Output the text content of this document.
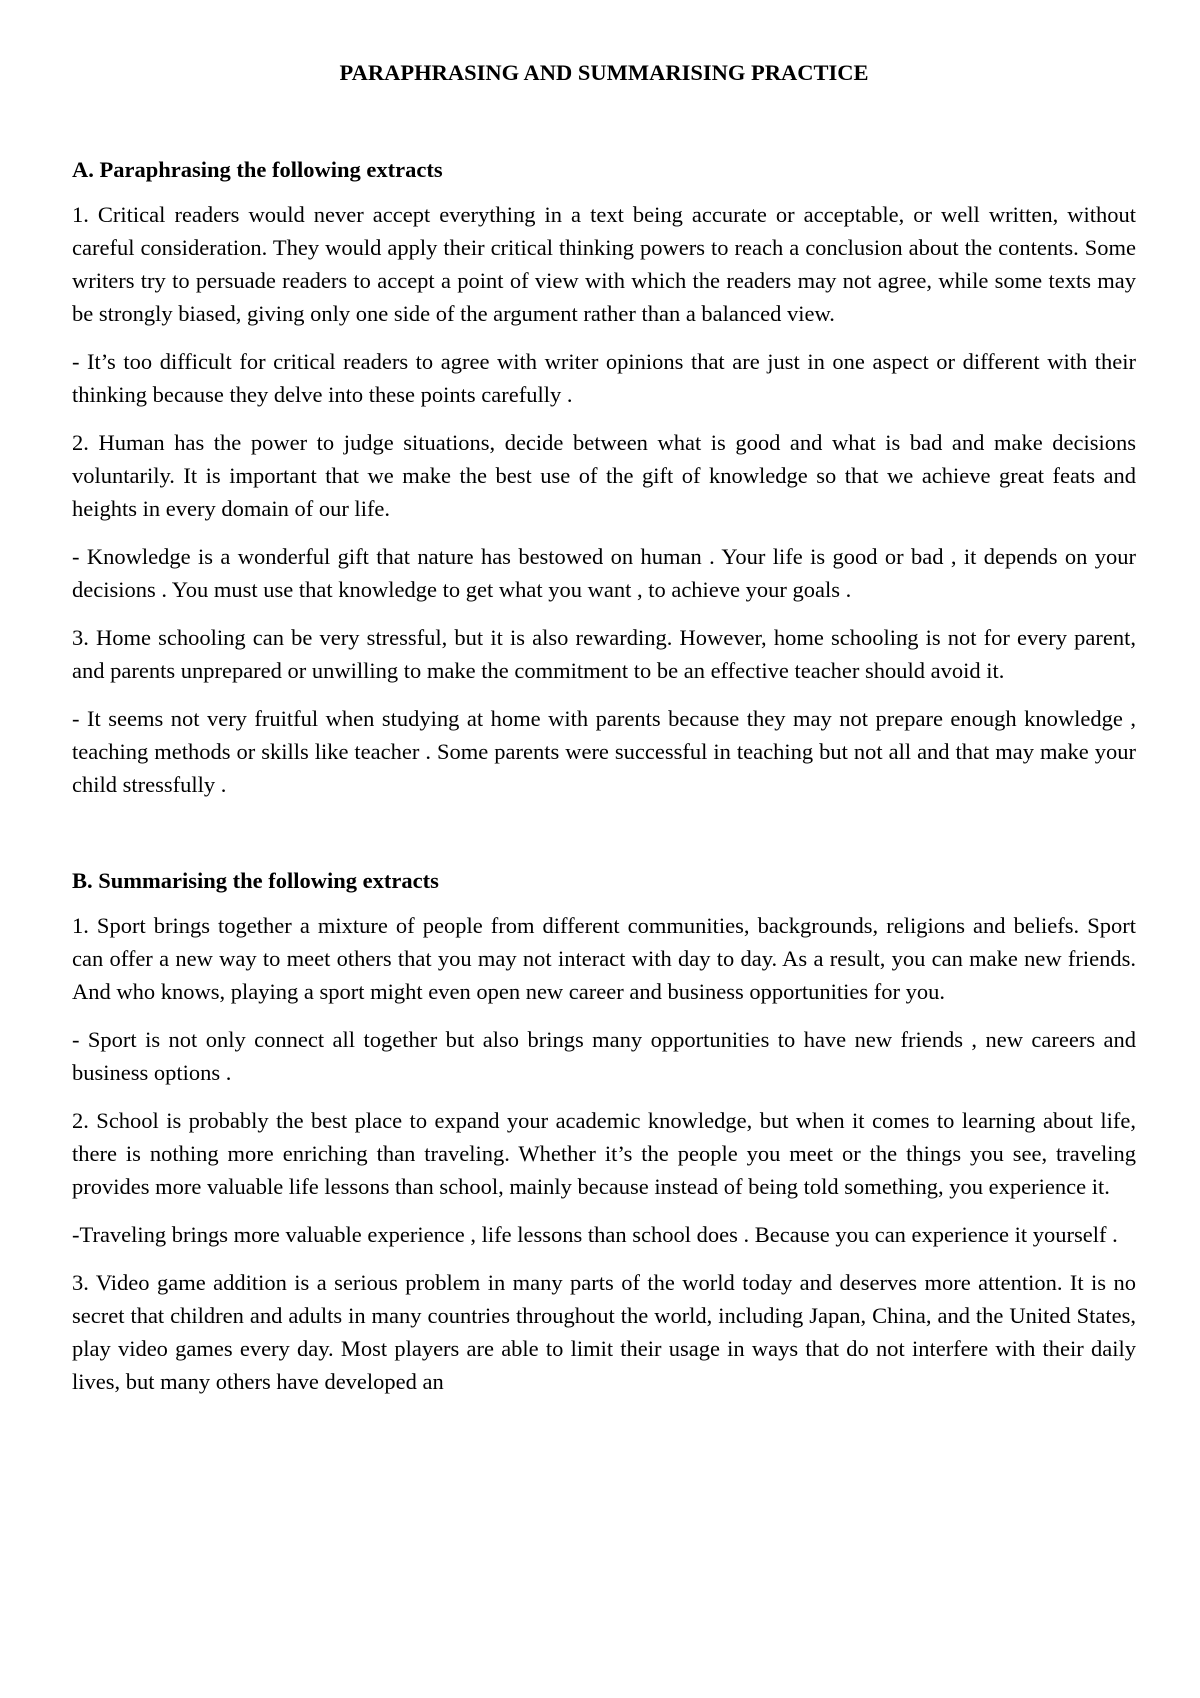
PARAPHRASING AND SUMMARISING PRACTICE
A. Paraphrasing the following extracts

1. Critical readers would never accept everything in a text being accurate or acceptable, or well written, without careful consideration. They would apply their critical thinking powers to reach a conclusion about the contents. Some writers try to persuade readers to accept a point of view with which the readers may not agree, while some texts may be strongly biased, giving only one side of the argument rather than a balanced view.

- It’s too difficult for critical readers to agree with writer opinions that are just in one aspect or different with their thinking because they delve into these points carefully .

2. Human has the power to judge situations, decide between what is good and what is bad and make decisions voluntarily. It is important that we make the best use of the gift of knowledge so that we achieve great feats and heights in every domain of our life.

- Knowledge is a wonderful gift that nature has bestowed on human . Your life is good or bad , it depends on your decisions . You must use that knowledge to get what you want , to achieve your goals .

3. Home schooling can be very stressful, but it is also rewarding. However, home schooling is not for every parent, and parents unprepared or unwilling to make the commitment to be an effective teacher should avoid it.

- It seems not very fruitful when studying at home with parents because they may not prepare enough knowledge , teaching methods or skills like teacher . Some parents were successful in teaching but not all and that may make your child stressfully .

B. Summarising the following extracts

1. Sport brings together a mixture of people from different communities, backgrounds, religions and beliefs. Sport can offer a new way to meet others that you may not interact with day to day. As a result, you can make new friends. And who knows, playing a sport might even open new career and business opportunities for you.

- Sport is not only connect all together but also brings many opportunities to have new friends , new careers and business options .

2. School is probably the best place to expand your academic knowledge, but when it comes to learning about life, there is nothing more enriching than traveling. Whether it’s the people you meet or the things you see, traveling provides more valuable life lessons than school, mainly because instead of being told something, you experience it.

-Traveling brings more valuable experience , life lessons than school does . Because you can experience it yourself .

3. Video game addition is a serious problem in many parts of the world today and deserves more attention. It is no secret that children and adults in many countries throughout the world, including Japan, China, and the United States, play video games every day. Most players are able to limit their usage in ways that do not interfere with their daily lives, but many others have developed an
